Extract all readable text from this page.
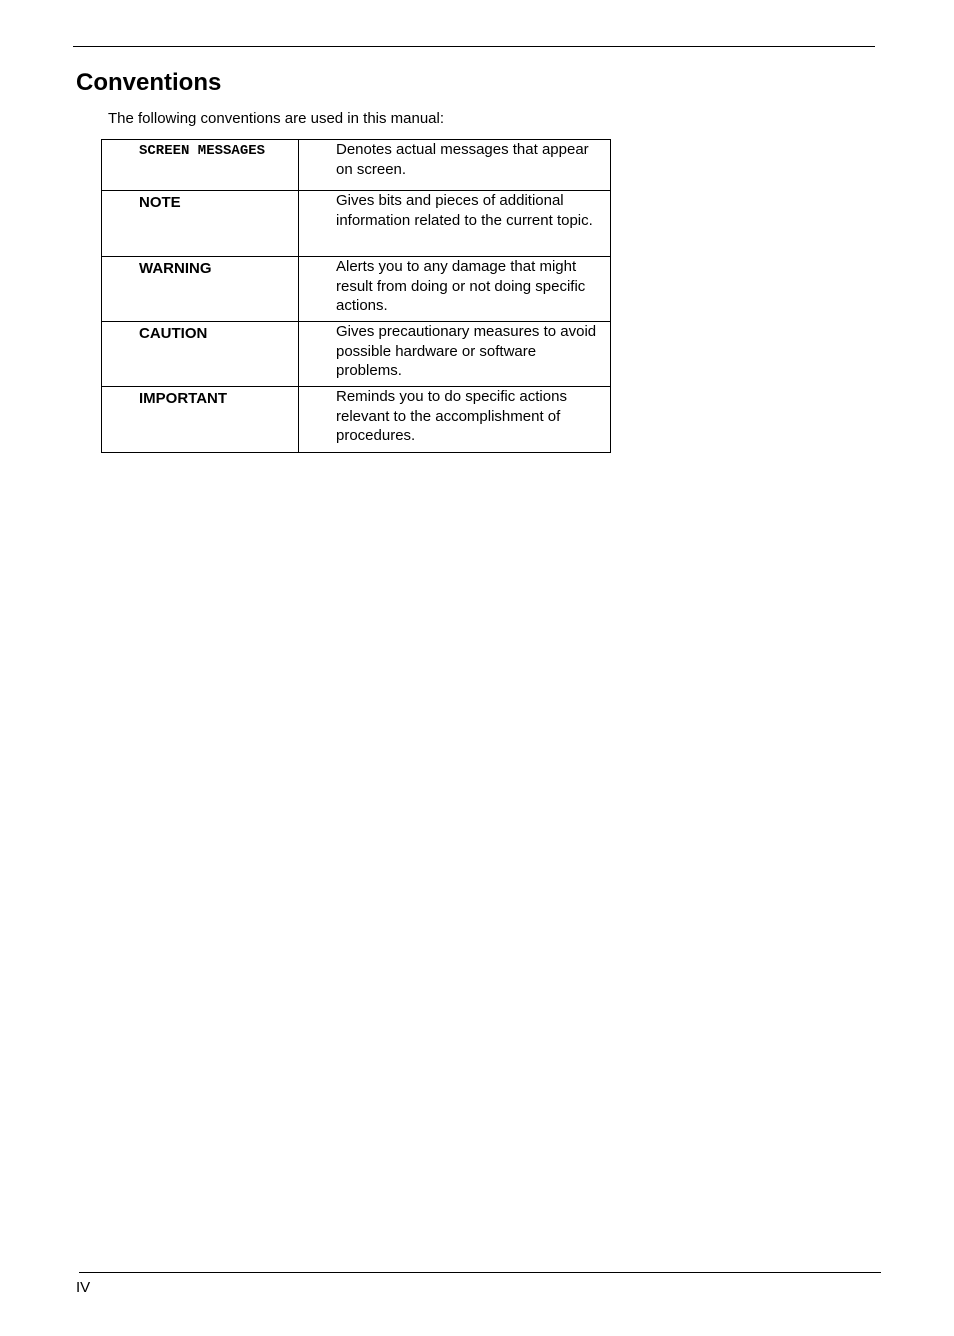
Conventions

The following conventions are used in this manual:

SCREEN MESSAGES	Denotes actual messages that appear on screen.
NOTE	Gives bits and pieces of additional information related to the current topic.
WARNING	Alerts you to any damage that might result from doing or not doing specific actions.
CAUTION	Gives precautionary measures to avoid possible hardware or software problems.
IMPORTANT	Reminds you to do specific actions relevant to the accomplishment of procedures.

IV
